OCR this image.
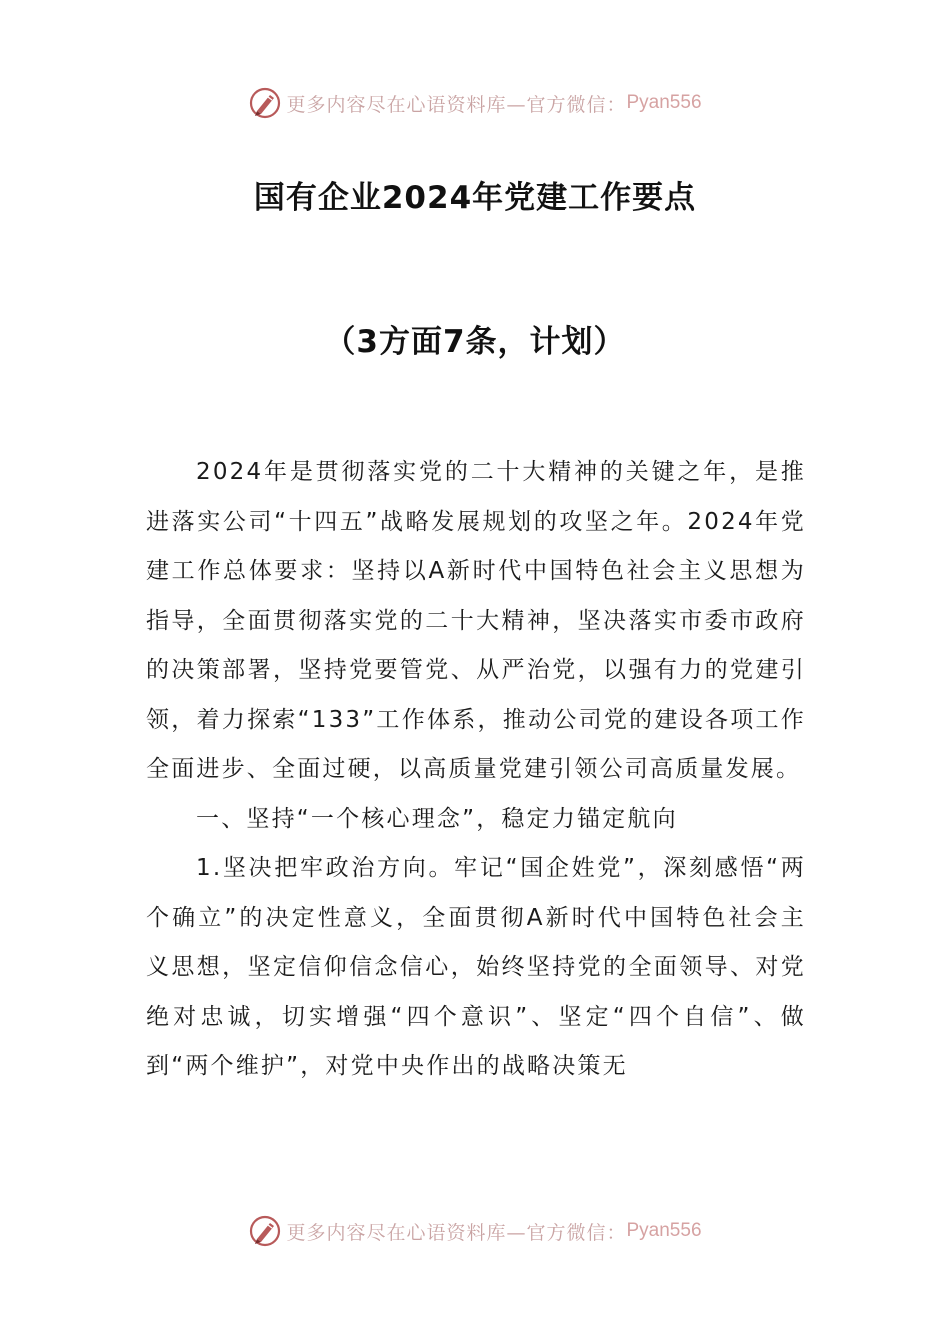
更多内容尽在心语资料库—官方微信： Pyan556
国有企业2024年党建工作要点
（3方面7条，计划）

2024年是贯彻落实党的二十大精神的关键之年，是推进落实公司“十四五”战略发展规划的攻坚之年。2024年党建工作总体要求：坚持以A新时代中国特色社会主义思想为指导，全面贯彻落实党的二十大精神，坚决落实市委市政府的决策部署，坚持党要管党、从严治党，以强有力的党建引领，着力探索“133”工作体系，推动公司党的建设各项工作全面进步、全面过硬，以高质量党建引领公司高质量发展。

一、坚持“一个核心理念”，稳定力锚定航向

1.坚决把牢政治方向。牢记“国企姓党”，深刻感悟“两个确立”的决定性意义，全面贯彻A新时代中国特色社会主义思想，坚定信仰信念信心，始终坚持党的全面领导、对党绝对忠诚，切实增强“四个意识”、坚定“四个自信”、做到“两个维护”，对党中央作出的战略决策无

更多内容尽在心语资料库—官方微信： Pyan556
